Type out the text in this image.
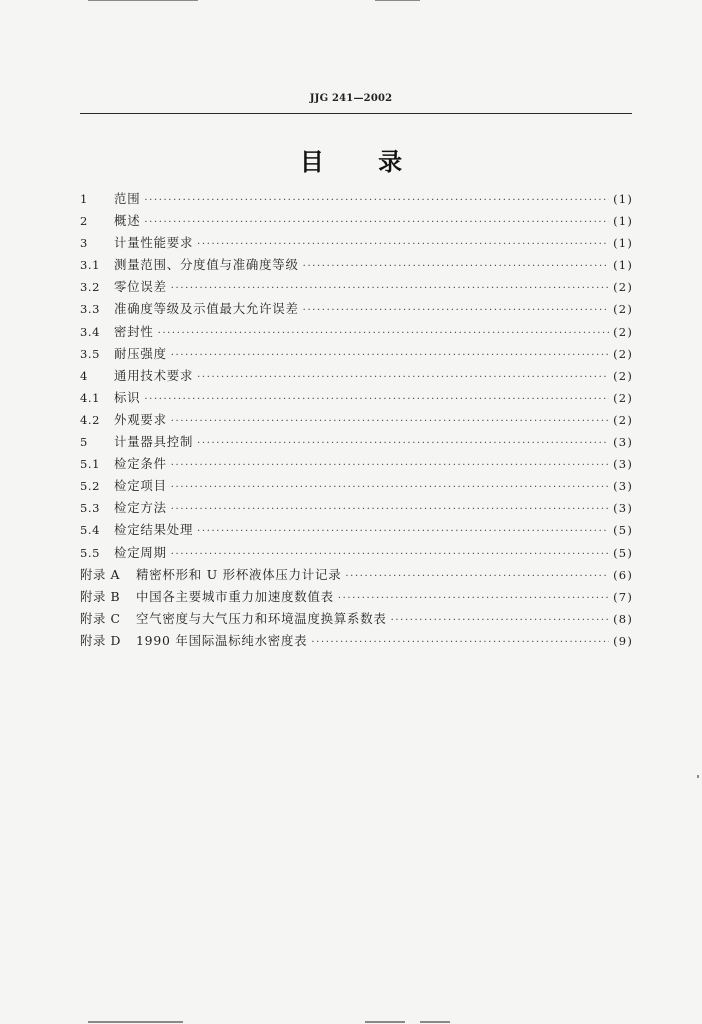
JJG 241—2002
目 录
1	范围 ·····	(1)
2	概述 ·····	(1)
3	计量性能要求 ·····	(1)
3.1	测量范围、分度值与准确度等级 ·····	(1)
3.2	零位误差 ·····	(2)
3.3	准确度等级及示值最大允许误差 ·····	(2)
3.4	密封性 ·····	(2)
3.5	耐压强度 ·····	(2)
4	通用技术要求 ·····	(2)
4.1	标识 ·····	(2)
4.2	外观要求 ·····	(2)
5	计量器具控制 ·····	(3)
5.1	检定条件 ·····	(3)
5.2	检定项目 ·····	(3)
5.3	检定方法 ·····	(3)
5.4	检定结果处理 ·····	(5)
5.5	检定周期 ·····	(5)
附录 A	精密杯形和 U 形杯液体压力计记录 ·····	(6)
附录 B	中国各主要城市重力加速度数值表 ·····	(7)
附录 C	空气密度与大气压力和环境温度换算系数表 ·····	(8)
附录 D	1990 年国际温标纯水密度表 ·····	(9)
